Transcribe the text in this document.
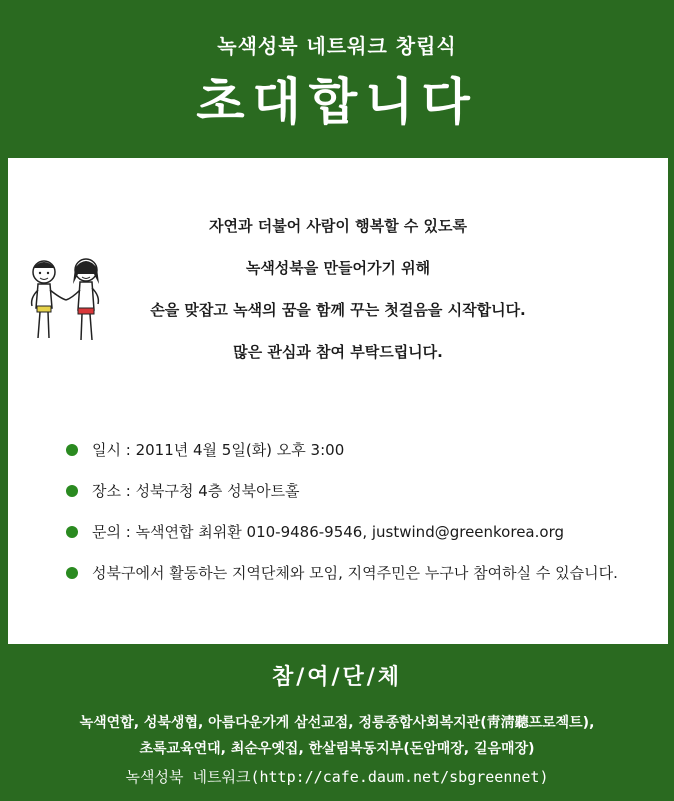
녹색성북 네트워크 창립식
초대합니다
자연과 더불어 사람이 행복할 수 있도록
녹색성북을 만들어가기 위해
손을 맞잡고 녹색의 꿈을 함께 꾸는 첫걸음을 시작합니다.
많은 관심과 참여 부탁드립니다.
일시 : 2011년 4월 5일(화) 오후 3:00
장소 : 성북구청 4층 성북아트홀
문의 : 녹색연합 최위환 010-9486-9546, justwind@greenkorea.org
성북구에서 활동하는 지역단체와 모임, 지역주민은 누구나 참여하실 수 있습니다.
참/여/단/체
녹색연합, 성북생협, 아름다운가게 삼선교점, 정릉종합사회복지관(靑淸聽프로젝트),
초록교육연대, 최순우옛집, 한살림북동지부(돈암매장, 길음매장)
녹색성북 네트워크(http://cafe.daum.net/sbgreennet)
